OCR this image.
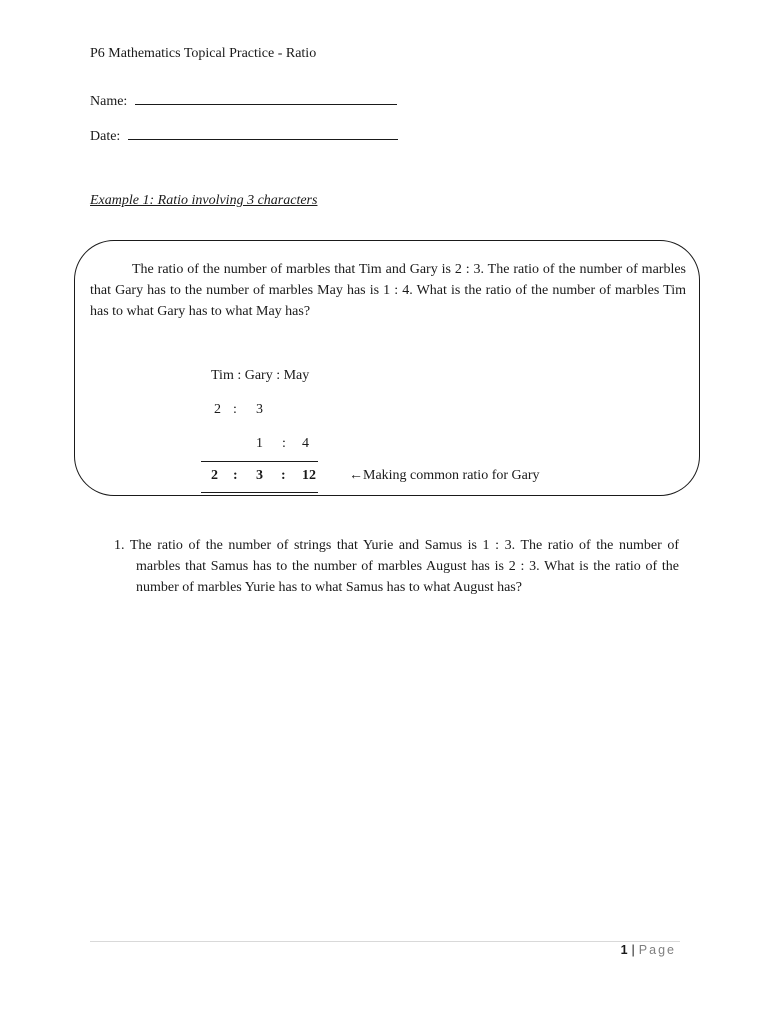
P6 Mathematics Topical Practice - Ratio
Name:
Date:
Example 1: Ratio involving 3 characters
The ratio of the number of marbles that Tim and Gary is 2 : 3. The ratio of the number of marbles that Gary has to the number of marbles May has is 1 : 4. What is the ratio of the number of marbles Tim has to what Gary has to what May has?
Tim : Gary : May
2 : 3
1 : 4
2 : 3 : 12 ←Making common ratio for Gary
1. The ratio of the number of strings that Yurie and Samus is 1 : 3. The ratio of the number of marbles that Samus has to the number of marbles August has is 2 : 3. What is the ratio of the number of marbles Yurie has to what Samus has to what August has?
1 | Page
